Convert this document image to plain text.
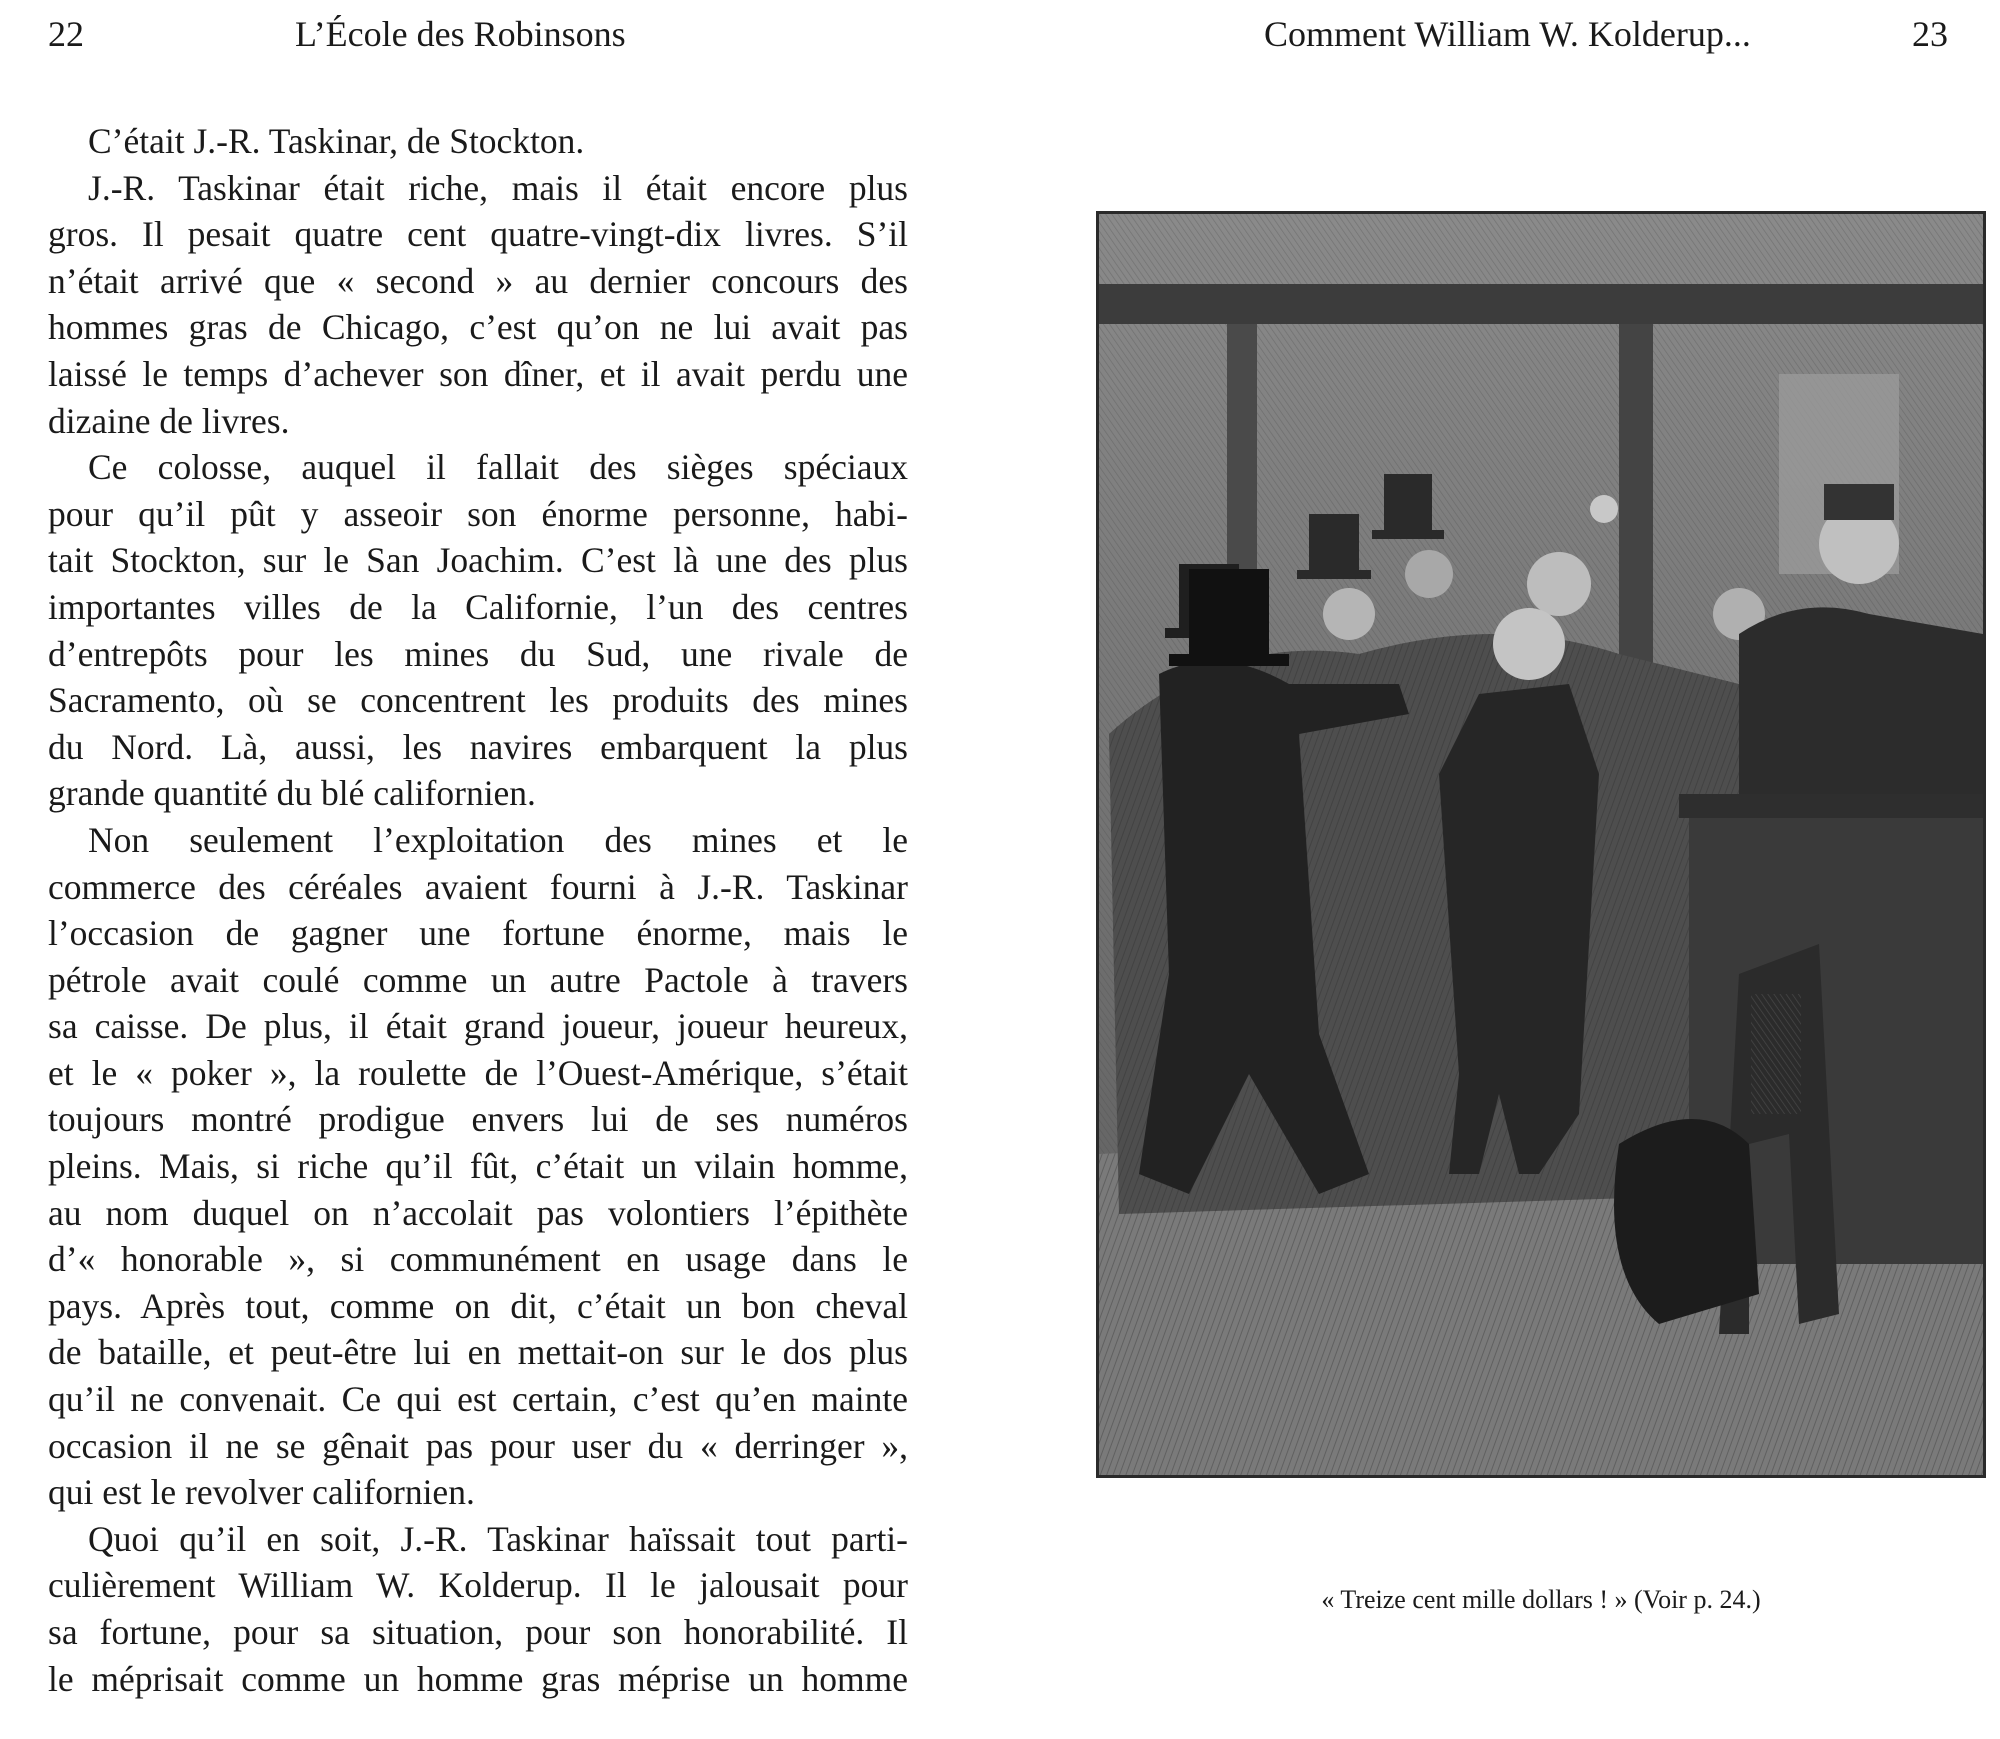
22	L’École des Robinsons
C’était J.-R. Taskinar, de Stockton.
J.-R. Taskinar était riche, mais il était encore plus
gros. Il pesait quatre cent quatre-vingt-dix livres. S’il
n’était arrivé que « second » au dernier concours des
hommes gras de Chicago, c’est qu’on ne lui avait pas
laissé le temps d’achever son dîner, et il avait perdu une
dizaine de livres.
Ce colosse, auquel il fallait des sièges spéciaux
pour qu’il pût y asseoir son énorme personne, habi-
tait Stockton, sur le San Joachim. C’est là une des plus
importantes villes de la Californie, l’un des centres
d’entrepôts pour les mines du Sud, une rivale de
Sacramento, où se concentrent les produits des mines
du Nord. Là, aussi, les navires embarquent la plus
grande quantité du blé californien.
Non seulement l’exploitation des mines et le
commerce des céréales avaient fourni à J.-R. Taskinar
l’occasion de gagner une fortune énorme, mais le
pétrole avait coulé comme un autre Pactole à travers
sa caisse. De plus, il était grand joueur, joueur heureux,
et le « poker », la roulette de l’Ouest-Amérique, s’était
toujours montré prodigue envers lui de ses numéros
pleins. Mais, si riche qu’il fût, c’était un vilain homme,
au nom duquel on n’accolait pas volontiers l’épithète
d’« honorable », si communément en usage dans le
pays. Après tout, comme on dit, c’était un bon cheval
de bataille, et peut-être lui en mettait-on sur le dos plus
qu’il ne convenait. Ce qui est certain, c’est qu’en mainte
occasion il ne se gênait pas pour user du « derringer »,
qui est le revolver californien.
Quoi qu’il en soit, J.-R. Taskinar haïssait tout parti-
culièrement William W. Kolderup. Il le jalousait pour
sa fortune, pour sa situation, pour son honorabilité. Il
le méprisait comme un homme gras méprise un homme
Comment William W. Kolderup...	23
« Treize cent mille dollars ! » (Voir p. 24.)
